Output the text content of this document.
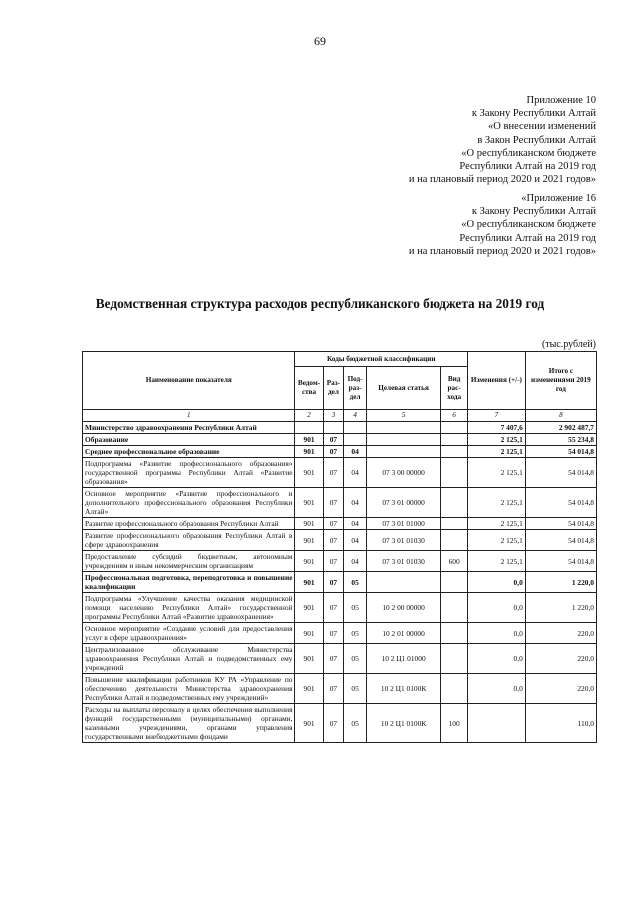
69
Приложение 10
к Закону Республики Алтай
«О внесении изменений
в Закон Республики Алтай
«О республиканском бюджете
Республики Алтай на 2019 год
и на плановый период 2020 и 2021 годов»
«Приложение 16
к Закону Республики Алтай
«О республиканском бюджете
Республики Алтай на 2019 год
и на плановый период 2020 и 2021 годов»
Ведомственная структура расходов республиканского бюджета на 2019 год
(тыс.рублей)
Наименование показателя	Коды бюджетной классификации					Изменения (+/-)	Итого с изменениями 2019 год
	Ведом-ства	Раз-дел	Под-раз-дел	Целевая статья	Вид рас-хода		
1	2	3	4	5	6	7	8
Министерство здравоохранения Республики Алтай						7 407,6	2 902 487,7
Образование	901	07				2 125,1	55 234,8
Среднее профессиональное образование	901	07	04			2 125,1	54 014,8
Подпрограмма «Развитие профессионального образования» государственной программы Республики Алтай «Развитие образования»	901	07	04	07 3 00 00000		2 125,1	54 014,8
Основное мероприятие «Развитие профессионального и дополнительного профессионального образования Республики Алтай»	901	07	04	07 3 01 00000		2 125,1	54 014,8
Развитие профессионального образования Республики Алтай	901	07	04	07 3 01 01000		2 125,1	54 014,8
Развитие профессионального образования Республики Алтай в сфере здравоохранения	901	07	04	07 3 01 01030		2 125,1	54 014,8
Предоставление субсидий бюджетным, автономным учреждениям и иным некоммерческим организациям	901	07	04	07 3 01 01030	600	2 125,1	54 014,8
Профессиональная подготовка, переподготовка и повышение квалификации	901	07	05			0,0	1 220,0
Подпрограмма «Улучшение качества оказания медицинской помощи населению Республики Алтай» государственной программы Республики Алтай «Развитие здравоохранения»	901	07	05	10 2 00 00000		0,0	1 220,0
Основное мероприятие «Создание условий для предоставления услуг в сфере здравоохранения»	901	07	05	10 2 01 00000		0,0	220,0
Централизованное обслуживание Министерства здравоохранения Республики Алтай и подведомственных ему учреждений	901	07	05	10 2 Ц1 01000		0,0	220,0
Повышение квалификации работников КУ РА «Управление по обеспечению деятельности Министерства здравоохранения Республики Алтай и подведомственных ему учреждений»	901	07	05	10 2 Ц1 0100К		0,0	220,0
Расходы на выплаты персоналу в целях обеспечения выполнения функций государственными (муниципальными) органами, казенными учреждениями, органами управления государственными внебюджетными фондами	901	07	05	10 2 Ц1 0100К	100		110,0
